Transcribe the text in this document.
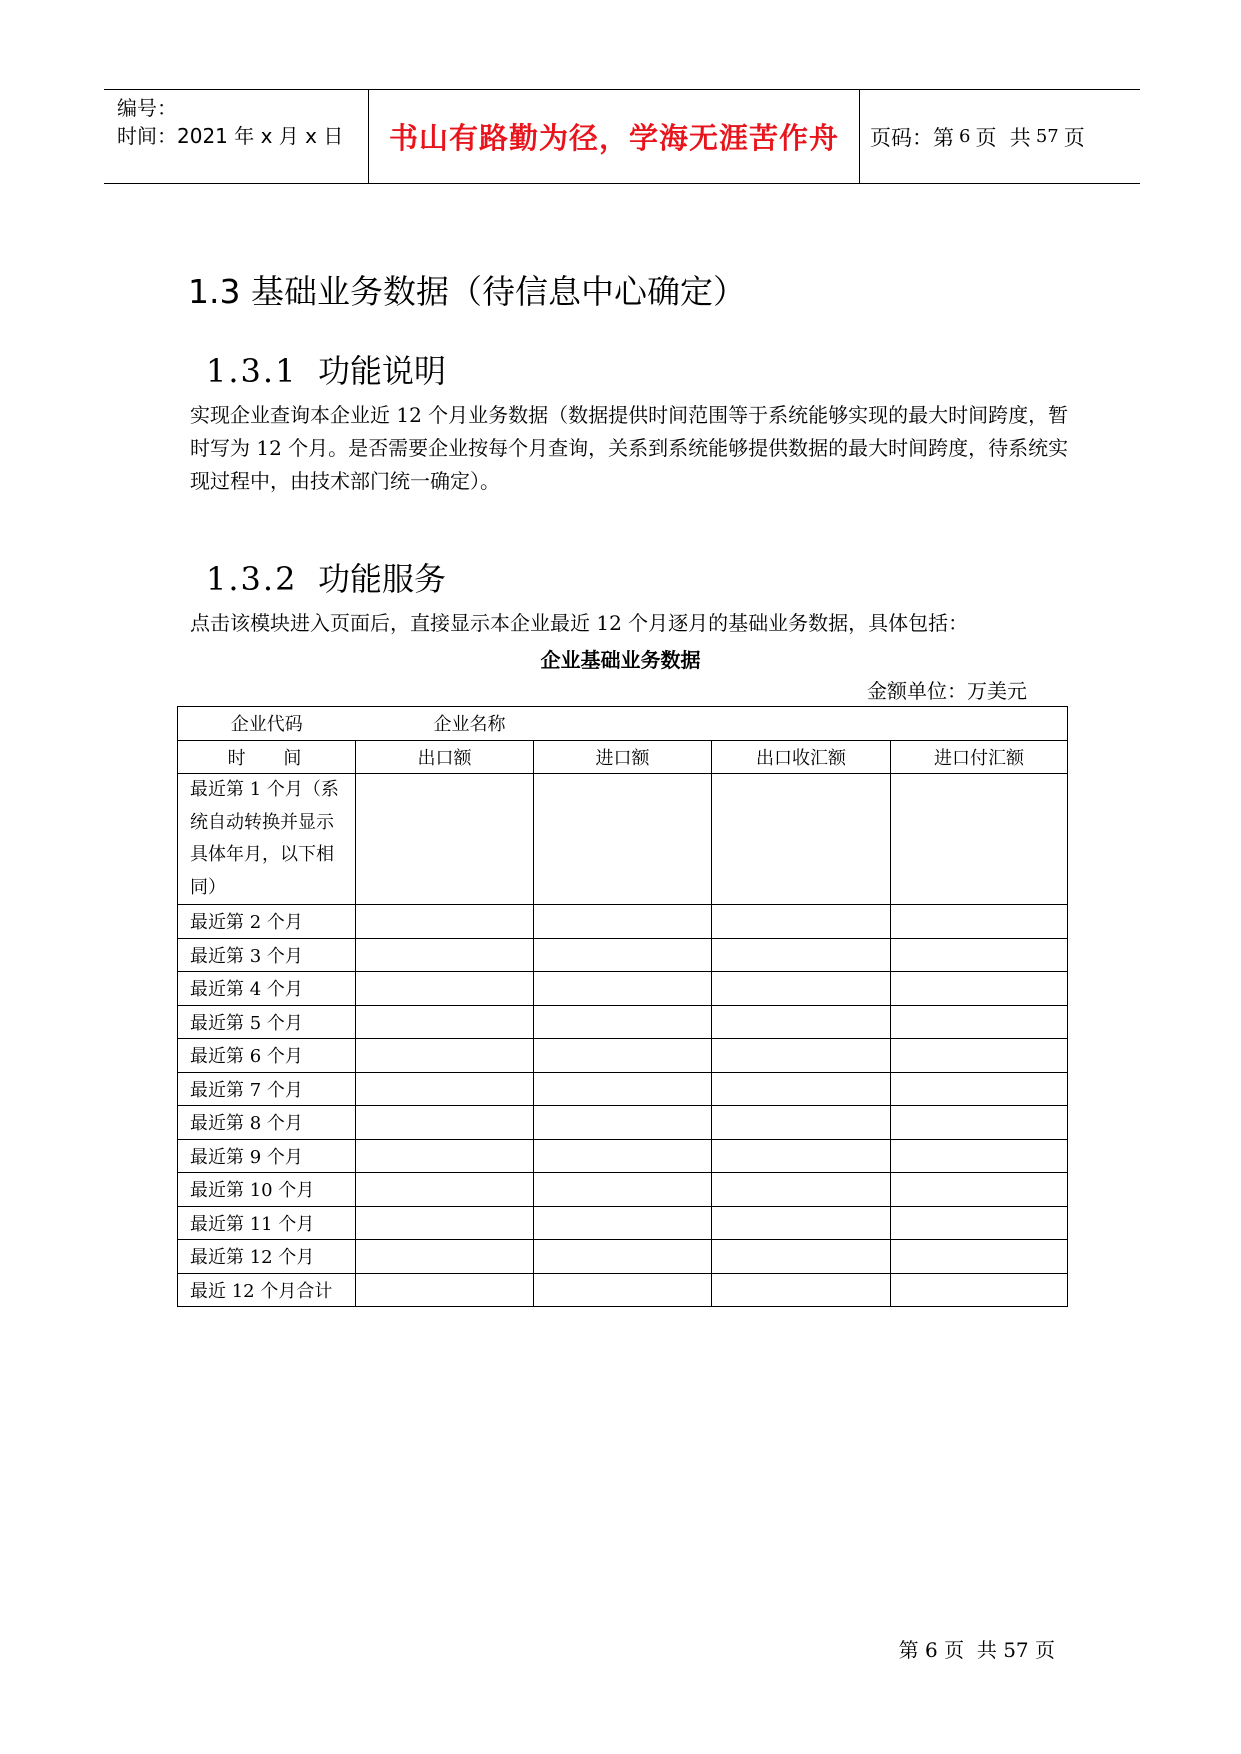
编号：
时间：2021 年 x 月 x 日	书山有路勤为径，学海无涯苦作舟	页码：第 6 页  共 57 页
1.3 基础业务数据（待信息中心确定）
1.3.1 功能说明
实现企业查询本企业近 12 个月业务数据（数据提供时间范围等于系统能够实现的最大时间跨度，暂时写为 12 个月。是否需要企业按每个月查询，关系到系统能够提供数据的最大时间跨度，待系统实现过程中，由技术部门统一确定）。
1.3.2 功能服务
点击该模块进入页面后，直接显示本企业最近 12 个月逐月的基础业务数据，具体包括：
企业基础业务数据
金额单位：万美元
企业代码	企业名称			
时 间	出口额	进口额	出口收汇额	进口付汇额
最近第 1 个月（系统自动转换并显示具体年月，以下相同）				
最近第 2 个月				
最近第 3 个月				
最近第 4 个月				
最近第 5 个月				
最近第 6 个月				
最近第 7 个月				
最近第 8 个月				
最近第 9 个月				
最近第 10 个月				
最近第 11 个月				
最近第 12 个月				
最近 12 个月合计				
第 6 页  共 57 页
